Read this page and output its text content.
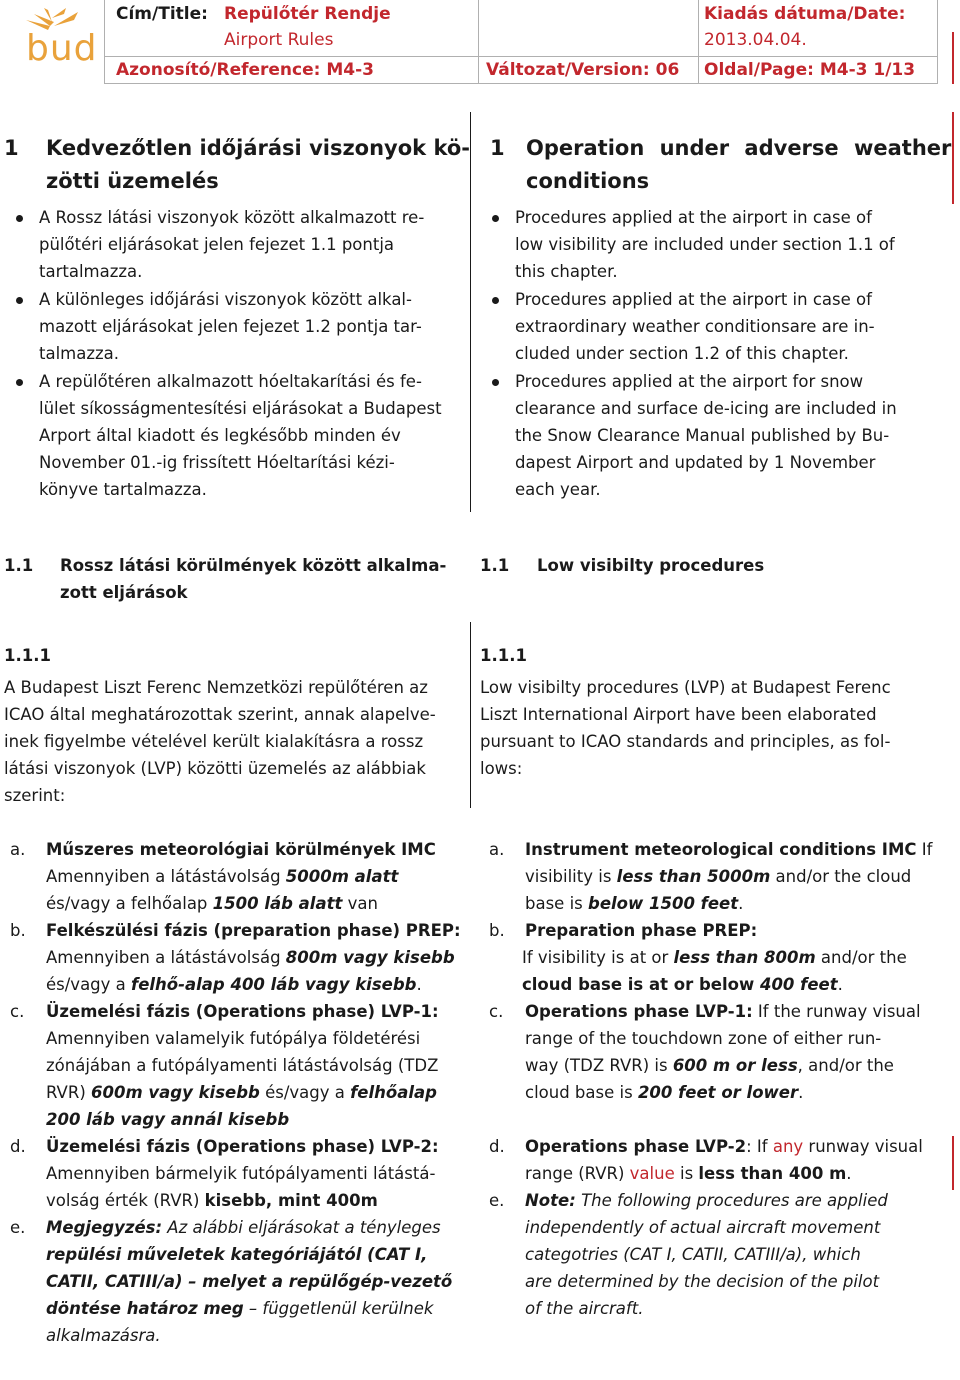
bud
Cím/Title: Repülőtér Rendje
Airport Rules
Kiadás dátuma/Date:
2013.04.04.
Azonosító/Reference: M4-3	Változat/Version: 06 Oldal/Page: M4-3 1/13
1 Kedvezőtlen időjárási viszonyok kö-
zötti üzemelés
A Rossz látási viszonyok között alkalmazott re-
pülőtéri eljárásokat jelen fejezet 1.1 pontja
tartalmazza.
A különleges időjárási viszonyok között alkal-
mazott eljárásokat jelen fejezet 1.2 pontja tar-
talmazza.
A repülőtéren alkalmazott hóeltakarítási és fe-
lület síkosságmentesítési eljárásokat a Budapest
Arport által kiadott és legkésőbb minden év
November 01.-ig frissített Hóeltarítási kézi-
könyve tartalmazza.
1.1 Rossz látási körülmények között alkalma-
zott eljárások
1.1.1
A Budapest Liszt Ferenc Nemzetközi repülőtéren az
ICAO által meghatározottak szerint, annak alapelve-
inek figyelmbe vételével került kialakításra a rossz
látási viszonyok (LVP) közötti üzemelés az alábbiak
szerint:
a. Műszeres meteorológiai körülmények IMC
Amennyiben a látástávolság 5000m alatt
és/vagy a felhőalap 1500 láb alatt van
b. Felkészülési fázis (preparation phase) PREP:
Amennyiben a látástávolság 800m vagy kisebb
és/vagy a felhő-alap 400 láb vagy kisebb.
c. Üzemelési fázis (Operations phase) LVP-1:
Amennyiben valamelyik futópálya földetérési
zónájában a futópályamenti látástávolság (TDZ
RVR) 600m vagy kisebb és/vagy a felhőalap
200 láb vagy annál kisebb
d. Üzemelési fázis (Operations phase) LVP-2:
Amennyiben bármelyik futópályamenti látástá-
volság érték (RVR) kisebb, mint 400m
e. Megjegyzés: Az alábbi eljárásokat a tényleges
repülési műveletek kategóriájától (CAT I,
CATII, CATIII/a) – melyet a repülőgép-vezető
döntése határoz meg – függetlenül kerülnek
alkalmazásra.
1 Operation under adverse weather
conditions
Procedures applied at the airport in case of
low visibility are included under section 1.1 of
this chapter.
Procedures applied at the airport in case of
extraordinary weather conditionsare are in-
cluded under section 1.2 of this chapter.
Procedures applied at the airport for snow
clearance and surface de-icing are included in
the Snow Clearance Manual published by Bu-
dapest Airport and updated by 1 November
each year.
1.1 Low visibilty procedures
1.1.1
Low visibilty procedures (LVP) at Budapest Ferenc
Liszt International Airport have been elaborated
pursuant to ICAO standards and principles, as fol-
lows:
a. Instrument meteorological conditions IMC If
visibility is less than 5000m and/or the cloud
base is below 1500 feet.
b. Preparation phase PREP:
If visibility is at or less than 800m and/or the
cloud base is at or below 400 feet.
c. Operations phase LVP-1: If the runway visual
range of the touchdown zone of either run-
way (TDZ RVR) is 600 m or less, and/or the
cloud base is 200 feet or lower.
d. Operations phase LVP-2: If any runway visual
range (RVR) value is less than 400 m.
e. Note: The following procedures are applied
independently of actual aircraft movement
categotries (CAT I, CATII, CATIII/a), which
are determined by the decision of the pilot
of the aircraft.
